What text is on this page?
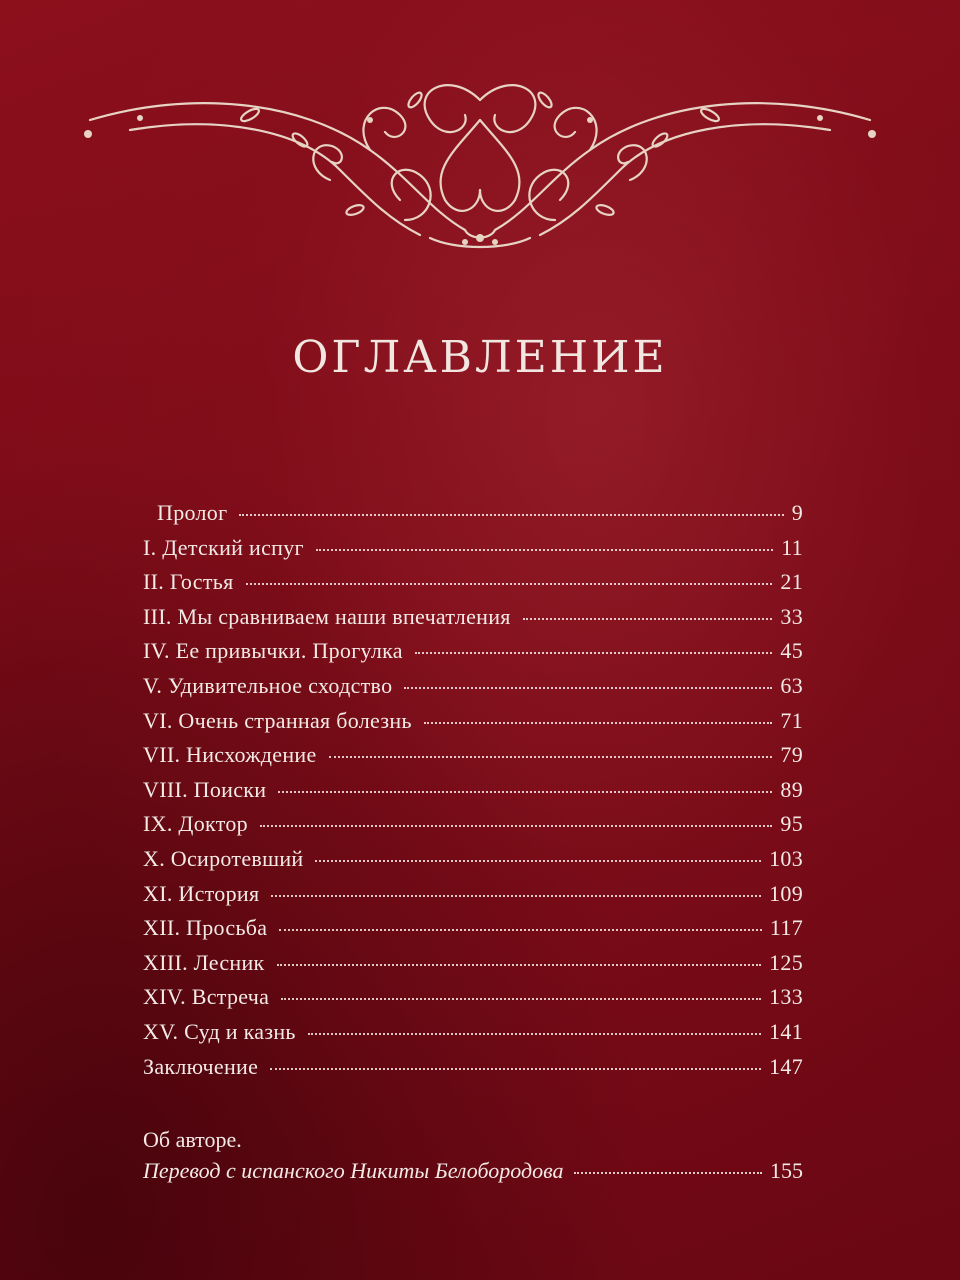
ОГЛАВЛЕНИЕ
Пролог	9
I. Детский испуг	11
II. Гостья	21
III. Мы сравниваем наши впечатления	33
IV. Ее привычки. Прогулка	45
V. Удивительное сходство	63
VI. Очень странная болезнь	71
VII. Нисхождение	79
VIII. Поиски	89
IX. Доктор	95
X. Осиротевший	103
XI. История	109
XII. Просьба	117
XIII. Лесник	125
XIV. Встреча	133
XV. Суд и казнь	141
Заключение	147
Об авторе.
Перевод с испанского Никиты Белобородова	155
